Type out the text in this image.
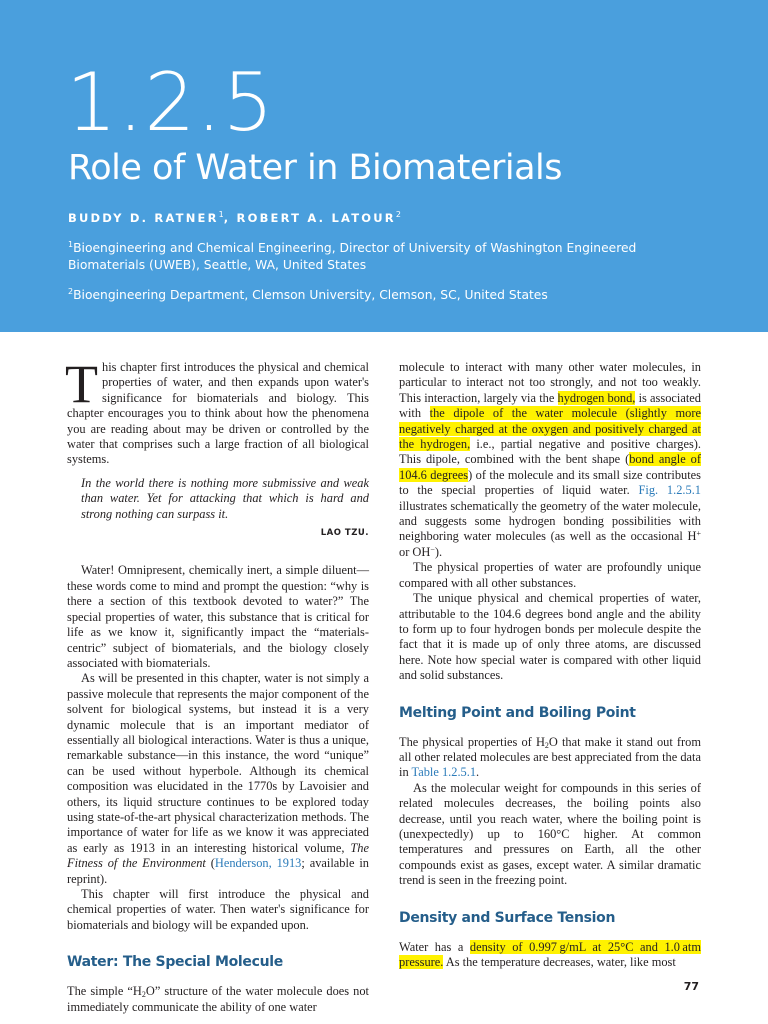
1.2.5
Role of Water in Biomaterials
BUDDY D. RATNER$^1$, ROBERT A. LATOUR$^2$
$^1$Bioengineering and Chemical Engineering, Director of University of Washington Engineered Biomaterials (UWEB), Seattle, WA, United States
$^2$Bioengineering Department, Clemson University, Clemson, SC, United States

This chapter first introduces the physical and chemical properties of water, and then expands upon water's significance for biomaterials and biology. This chapter encourages you to think about how the phenomena you are reading about may be driven or controlled by the water that comprises such a large fraction of all biological systems.

In the world there is nothing more submissive and weak than water. Yet for attacking that which is hard and strong nothing can surpass it.

LAO TZU.

Water! Omnipresent, chemically inert, a simple diluent—these words come to mind and prompt the question: “why is there a section of this textbook devoted to water?” The special properties of water, this substance that is critical for life as we know it, significantly impact the “materials-centric” subject of biomaterials, and the biology closely associated with biomaterials.

As will be presented in this chapter, water is not simply a passive molecule that represents the major component of the solvent for biological systems, but instead it is a very dynamic molecule that is an important mediator of essentially all biological interactions. Water is thus a unique, remarkable substance—in this instance, the word “unique” can be used without hyperbole. Although its chemical composition was elucidated in the 1770s by Lavoisier and others, its liquid structure continues to be explored today using state-of-the-art physical characterization methods. The importance of water for life as we know it was appreciated as early as 1913 in an interesting historical volume, The Fitness of the Environment (Henderson, 1913; available in reprint).

This chapter will first introduce the physical and chemical properties of water. Then water's significance for biomaterials and biology will be expanded upon.

Water: The Special Molecule

The simple “$H_2O$” structure of the water molecule does not immediately communicate the ability of one water

molecule to interact with many other water molecules, in particular to interact not too strongly, and not too weakly. This interaction, largely via the hydrogen bond, is associated with the dipole of the water molecule (slightly more negatively charged at the oxygen and positively charged at the hydrogen, i.e., partial negative and positive charges). This dipole, combined with the bent shape (bond angle of 104.6 degrees) of the molecule and its small size contributes to the special properties of liquid water. Fig. 1.2.5.1 illustrates schematically the geometry of the water molecule, and suggests some hydrogen bonding possibilities with neighboring water molecules (as well as the occasional H+ or OH−).

The physical properties of water are profoundly unique compared with all other substances.

The unique physical and chemical properties of water, attributable to the 104.6 degrees bond angle and the ability to form up to four hydrogen bonds per molecule despite the fact that it is made up of only three atoms, are discussed here. Note how special water is compared with other liquid and solid substances.

Melting Point and Boiling Point

The physical properties of $H_2O$ that make it stand out from all other related molecules are best appreciated from the data in Table 1.2.5.1.

As the molecular weight for compounds in this series of related molecules decreases, the boiling points also decrease, until you reach water, where the boiling point is (unexpectedly) up to 160°C higher. At common temperatures and pressures on Earth, all the other compounds exist as gases, except water. A similar dramatic trend is seen in the freezing point.

Density and Surface Tension

Water has a density of 0.997 g/mL at 25°C and 1.0 atm pressure. As the temperature decreases, water, like most

77
